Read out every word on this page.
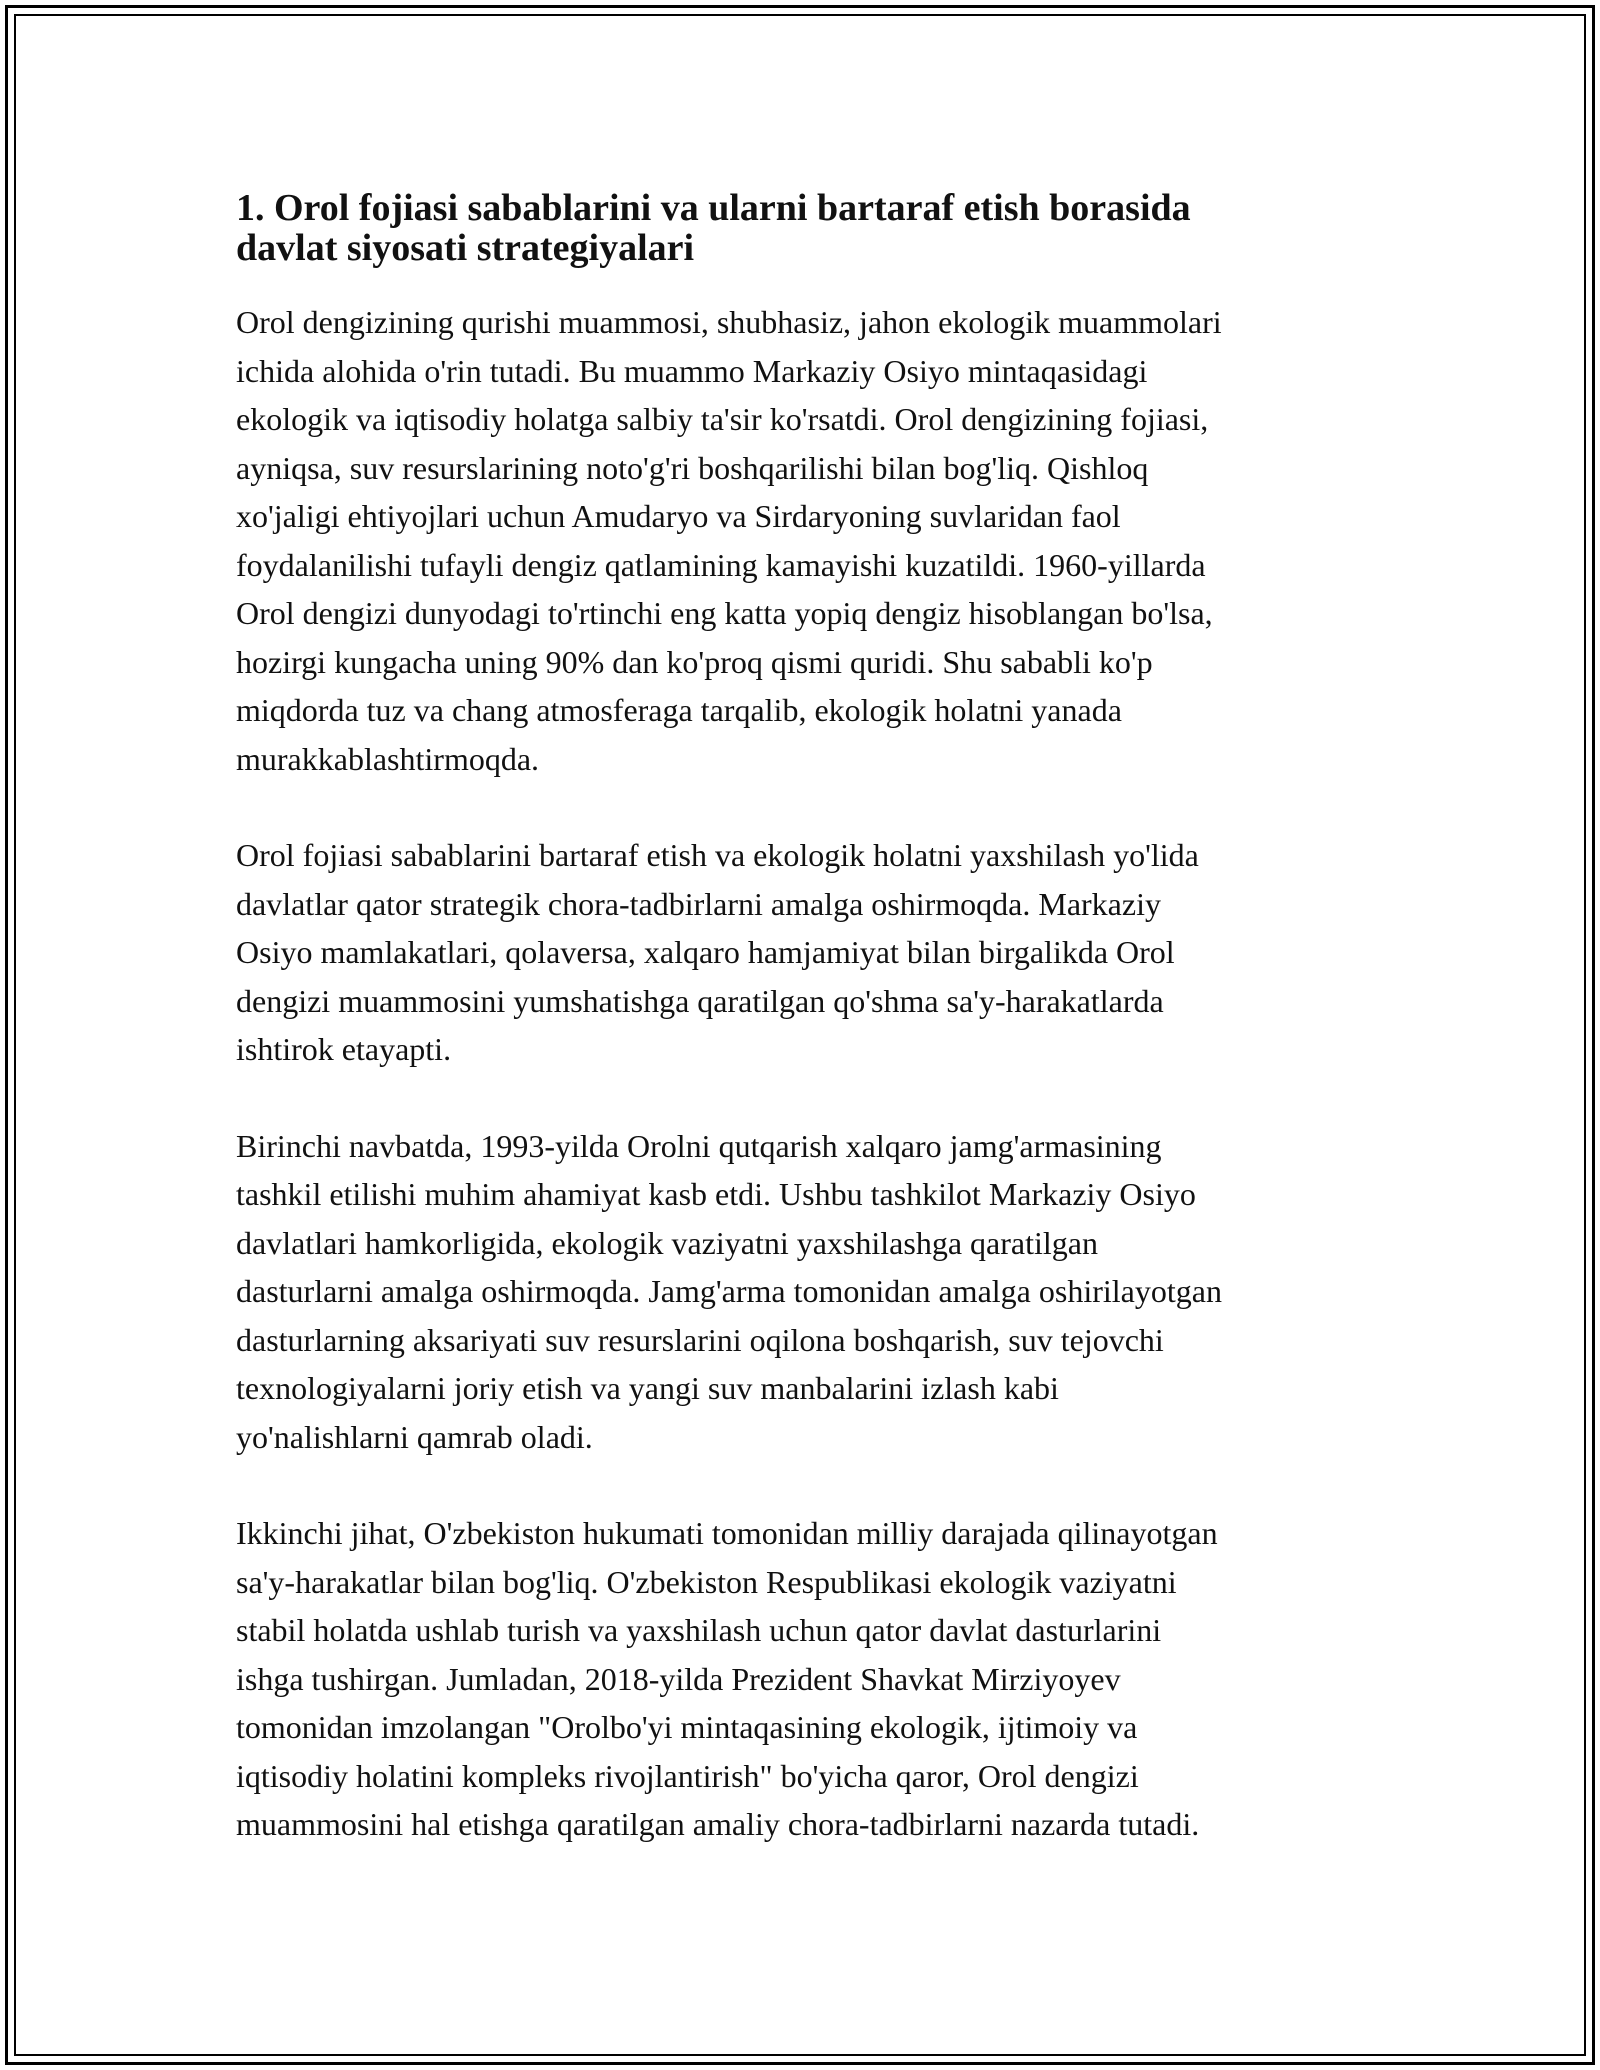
1. Orol fojiasi sabablarini va ularni bartaraf etish borasida
davlat siyosati strategiyalari

Orol dengizining qurishi muammosi, shubhasiz, jahon ekologik muammolari
ichida alohida o'rin tutadi. Bu muammo Markaziy Osiyo mintaqasidagi
ekologik va iqtisodiy holatga salbiy ta'sir ko'rsatdi. Orol dengizining fojiasi,
ayniqsa, suv resurslarining noto'g'ri boshqarilishi bilan bog'liq. Qishloq
xo'jaligi ehtiyojlari uchun Amudaryo va Sirdaryoning suvlaridan faol
foydalanilishi tufayli dengiz qatlamining kamayishi kuzatildi. 1960-yillarda
Orol dengizi dunyodagi to'rtinchi eng katta yopiq dengiz hisoblangan bo'lsa,
hozirgi kungacha uning 90% dan ko'proq qismi quridi. Shu sababli ko'p
miqdorda tuz va chang atmosferaga tarqalib, ekologik holatni yanada
murakkablashtirmoqda.

Orol fojiasi sabablarini bartaraf etish va ekologik holatni yaxshilash yo'lida
davlatlar qator strategik chora-tadbirlarni amalga oshirmoqda. Markaziy
Osiyo mamlakatlari, qolaversa, xalqaro hamjamiyat bilan birgalikda Orol
dengizi muammosini yumshatishga qaratilgan qo'shma sa'y-harakatlarda
ishtirok etayapti.

Birinchi navbatda, 1993-yilda Orolni qutqarish xalqaro jamg'armasining
tashkil etilishi muhim ahamiyat kasb etdi. Ushbu tashkilot Markaziy Osiyo
davlatlari hamkorligida, ekologik vaziyatni yaxshilashga qaratilgan
dasturlarni amalga oshirmoqda. Jamg'arma tomonidan amalga oshirilayotgan
dasturlarning aksariyati suv resurslarini oqilona boshqarish, suv tejovchi
texnologiyalarni joriy etish va yangi suv manbalarini izlash kabi
yo'nalishlarni qamrab oladi.

Ikkinchi jihat, O'zbekiston hukumati tomonidan milliy darajada qilinayotgan
sa'y-harakatlar bilan bog'liq. O'zbekiston Respublikasi ekologik vaziyatni
stabil holatda ushlab turish va yaxshilash uchun qator davlat dasturlarini
ishga tushirgan. Jumladan, 2018-yilda Prezident Shavkat Mirziyoyev
tomonidan imzolangan "Orolbo'yi mintaqasining ekologik, ijtimoiy va
iqtisodiy holatini kompleks rivojlantirish" bo'yicha qaror, Orol dengizi
muammosini hal etishga qaratilgan amaliy chora-tadbirlarni nazarda tutadi.
